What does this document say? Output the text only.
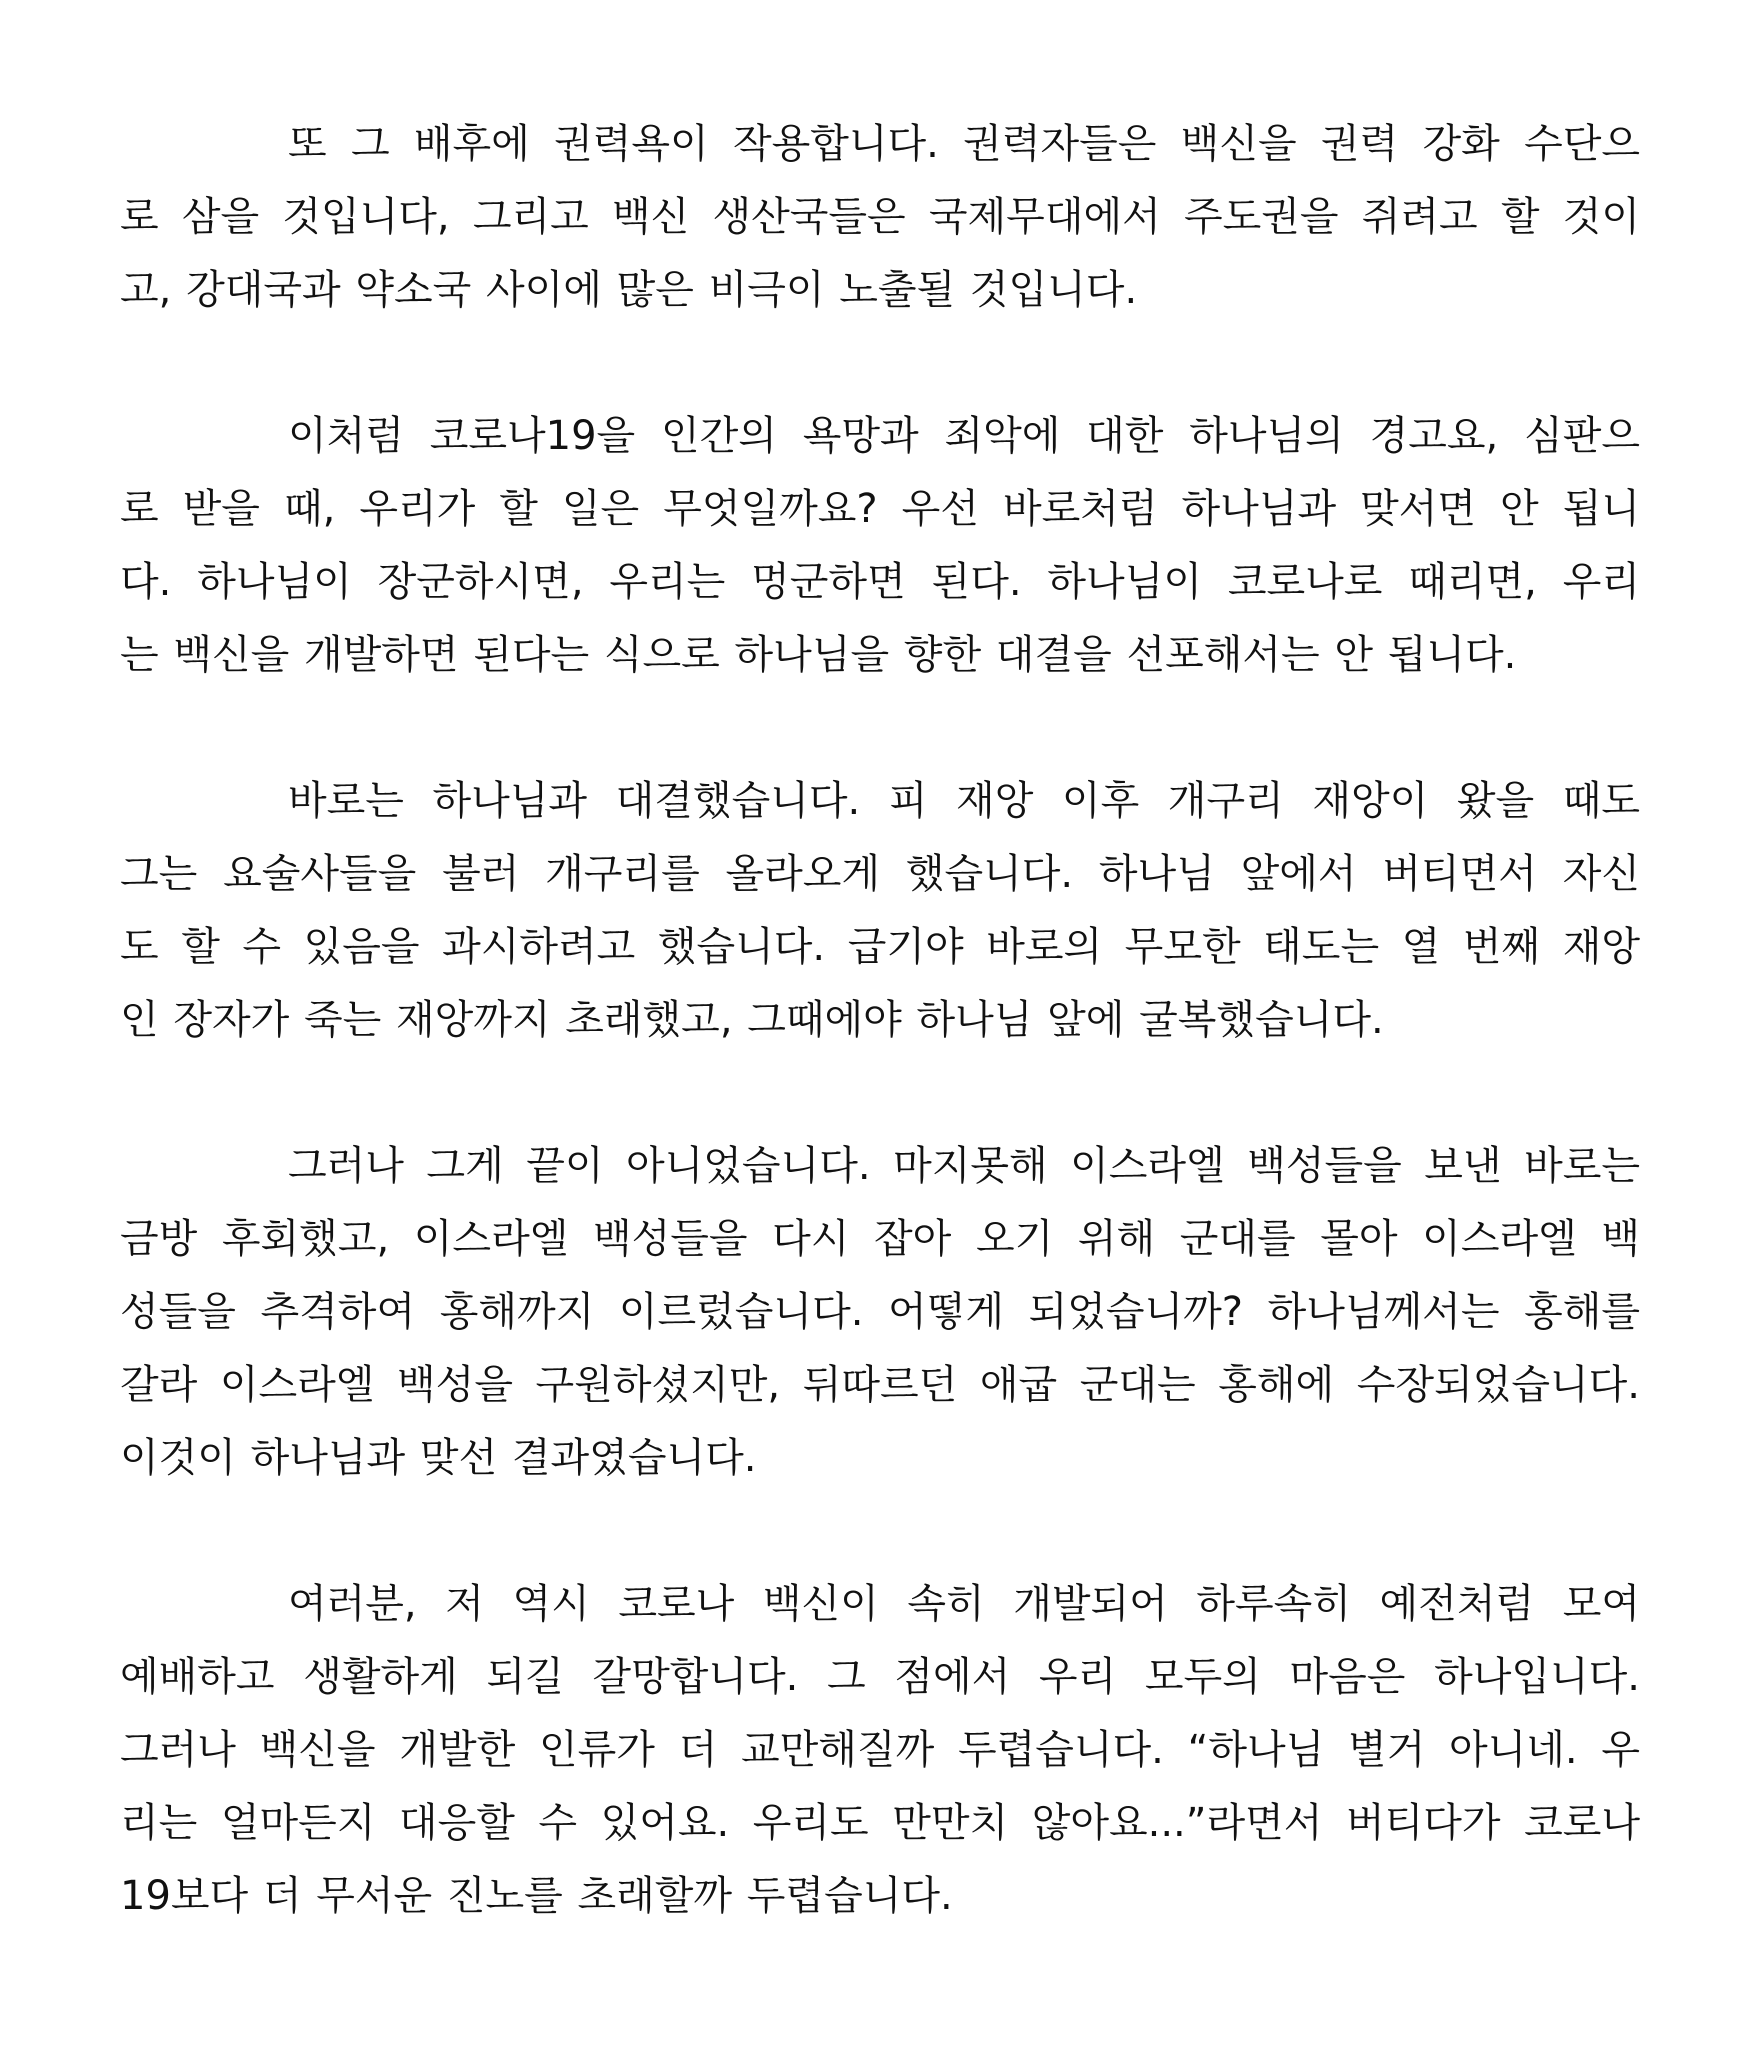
또 그 배후에 권력욕이 작용합니다. 권력자들은 백신을 권력 강화 수단으
로 삼을 것입니다, 그리고 백신 생산국들은 국제무대에서 주도권을 쥐려고 할 것이
고, 강대국과 약소국 사이에 많은 비극이 노출될 것입니다.
이처럼 코로나19을 인간의 욕망과 죄악에 대한 하나님의 경고요, 심판으
로 받을 때, 우리가 할 일은 무엇일까요? 우선 바로처럼 하나님과 맞서면 안 됩니
다. 하나님이 장군하시면, 우리는 멍군하면 된다. 하나님이 코로나로 때리면, 우리
는 백신을 개발하면 된다는 식으로 하나님을 향한 대결을 선포해서는 안 됩니다.
바로는 하나님과 대결했습니다. 피 재앙 이후 개구리 재앙이 왔을 때도
그는 요술사들을 불러 개구리를 올라오게 했습니다. 하나님 앞에서 버티면서 자신
도 할 수 있음을 과시하려고 했습니다. 급기야 바로의 무모한 태도는 열 번째 재앙
인 장자가 죽는 재앙까지 초래했고, 그때에야 하나님 앞에 굴복했습니다.
그러나 그게 끝이 아니었습니다. 마지못해 이스라엘 백성들을 보낸 바로는
금방 후회했고, 이스라엘 백성들을 다시 잡아 오기 위해 군대를 몰아 이스라엘 백
성들을 추격하여 홍해까지 이르렀습니다. 어떻게 되었습니까? 하나님께서는 홍해를
갈라 이스라엘 백성을 구원하셨지만, 뒤따르던 애굽 군대는 홍해에 수장되었습니다.
이것이 하나님과 맞선 결과였습니다.
여러분, 저 역시 코로나 백신이 속히 개발되어 하루속히 예전처럼 모여
예배하고 생활하게 되길 갈망합니다. 그 점에서 우리 모두의 마음은 하나입니다.
그러나 백신을 개발한 인류가 더 교만해질까 두렵습니다. “하나님 별거 아니네. 우
리는 얼마든지 대응할 수 있어요. 우리도 만만치 않아요...”라면서 버티다가 코로나
19보다 더 무서운 진노를 초래할까 두렵습니다.
